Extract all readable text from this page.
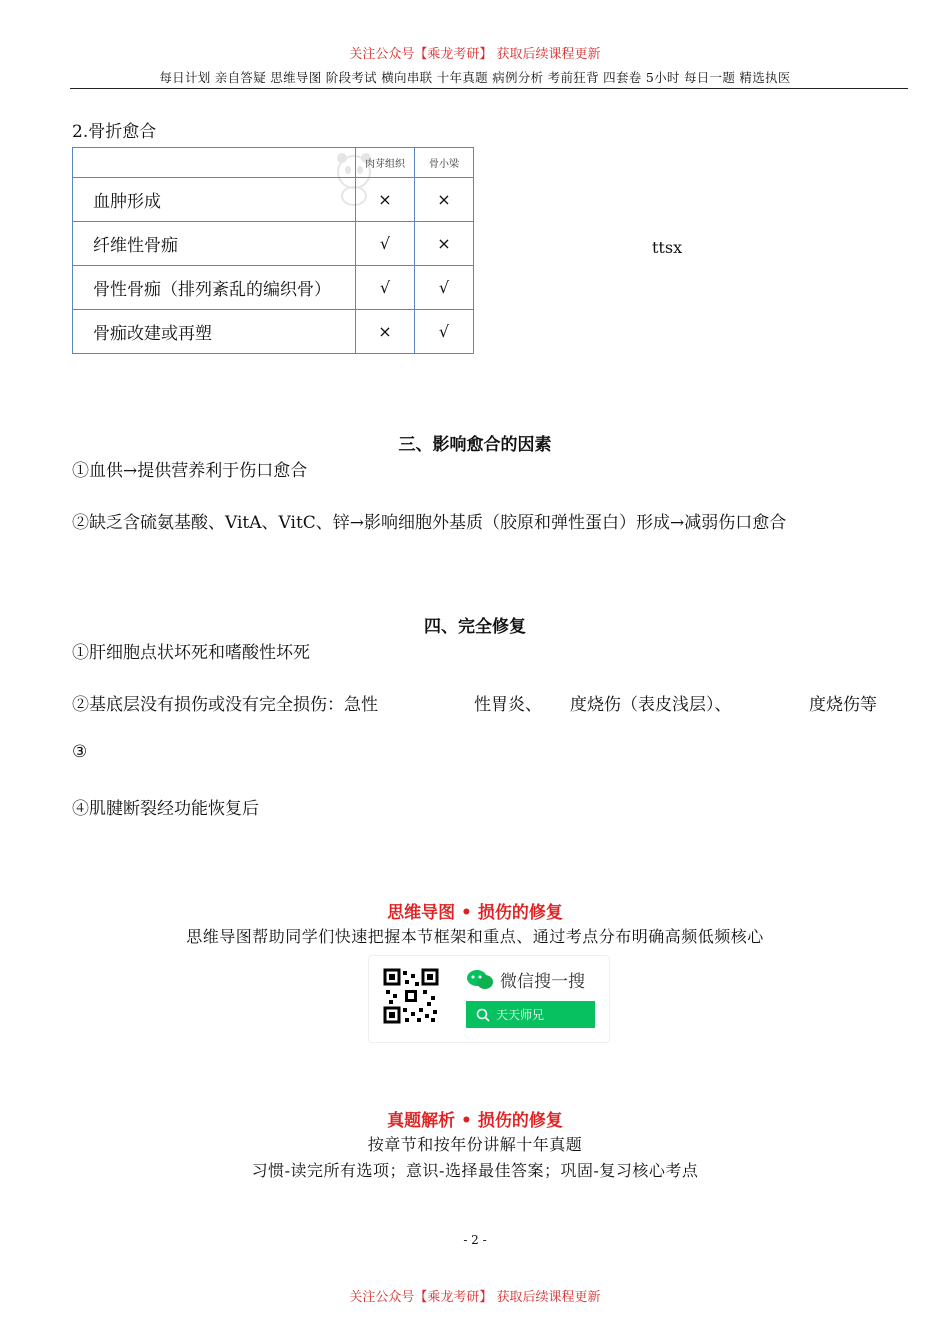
关注公众号【乘龙考研】 获取后续课程更新
每日计划 亲自答疑 思维导图 阶段考试 横向串联 十年真题 病例分析 考前狂背 四套卷 5小时 每日一题 精选执医
2.骨折愈合
	肉芽组织	骨小梁
血肿形成	×	×
纤维性骨痂	√	×
骨性骨痂（排列紊乱的编织骨）	√	√
骨痂改建或再塑	×	√
ttsx
三、影响愈合的因素
①血供→提供营养利于伤口愈合
②缺乏含硫氨基酸、VitA、VitC、锌→影响细胞外基质（胶原和弹性蛋白）形成→减弱伤口愈合
四、完全修复
①肝细胞点状坏死和嗜酸性坏死
②基底层没有损伤或没有完全损伤：急性	性胃炎、 度烧伤（表皮浅层）、	度烧伤等
③
④肌腱断裂经功能恢复后
思维导图 • 损伤的修复
思维导图帮助同学们快速把握本节框架和重点、通过考点分布明确高频低频核心
微信搜一搜
天天师兄
真题解析 • 损伤的修复
按章节和按年份讲解十年真题
习惯-读完所有选项；意识-选择最佳答案；巩固-复习核心考点
- 2 -
关注公众号【乘龙考研】 获取后续课程更新
